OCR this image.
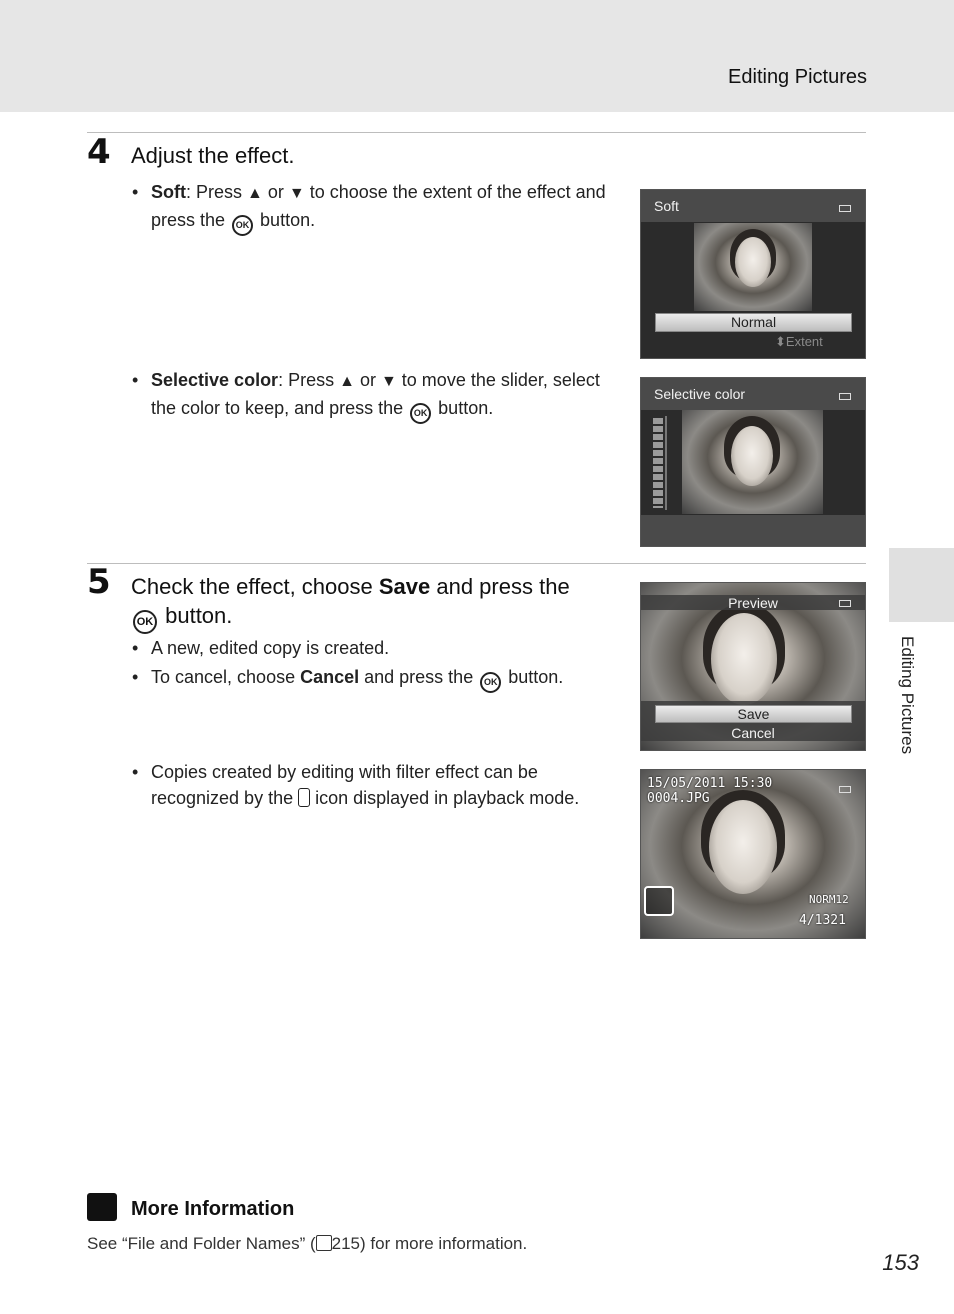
Editing Pictures
4 Adjust the effect.
• Soft: Press ▲ or ▼ to choose the extent of the effect and press the OK button.
• Selective color: Press ▲ or ▼ to move the slider, select the color to keep, and press the OK button.
Soft
Normal
⬍Extent
Selective color
5 Check the effect, choose Save and press the
OK button.
• A new, edited copy is created.
• To cancel, choose Cancel and press the OK button.
• Copies created by editing with filter effect can be recognized by the  icon displayed in playback mode.
Preview
Save
Cancel
15/05/2011 15:30
0004.JPG
NORM12
4/1321
More Information
See “File and Folder Names” ( 215) for more information.
Editing Pictures
153
